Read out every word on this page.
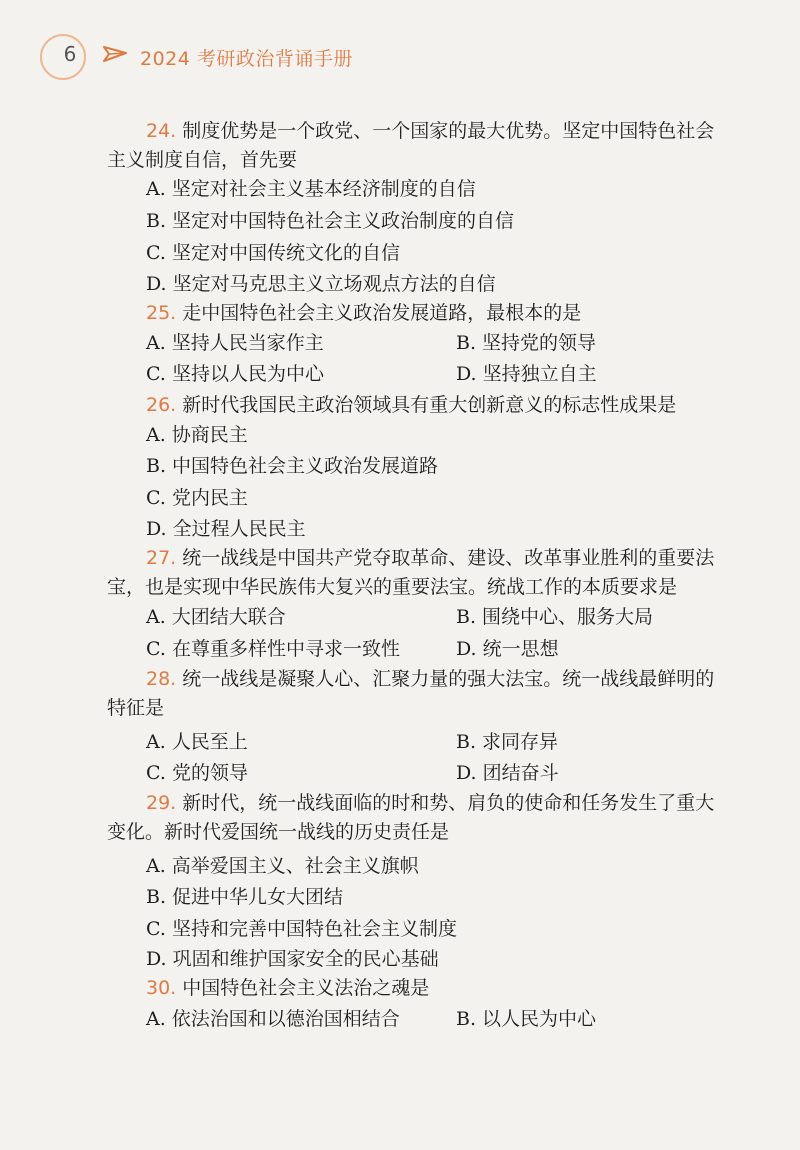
6	2024 考研政治背诵手册
24. 制度优势是一个政党、一个国家的最大优势。坚定中国特色社会
主义制度自信，首先要
A. 坚定对社会主义基本经济制度的自信
B. 坚定对中国特色社会主义政治制度的自信
C. 坚定对中国传统文化的自信
D. 坚定对马克思主义立场观点方法的自信
25. 走中国特色社会主义政治发展道路，最根本的是
A. 坚持人民当家作主	B. 坚持党的领导
C. 坚持以人民为中心	D. 坚持独立自主
26. 新时代我国民主政治领域具有重大创新意义的标志性成果是
A. 协商民主
B. 中国特色社会主义政治发展道路
C. 党内民主
D. 全过程人民民主
27. 统一战线是中国共产党夺取革命、建设、改革事业胜利的重要法
宝，也是实现中华民族伟大复兴的重要法宝。统战工作的本质要求是
A. 大团结大联合	B. 围绕中心、服务大局
C. 在尊重多样性中寻求一致性	D. 统一思想
28. 统一战线是凝聚人心、汇聚力量的强大法宝。统一战线最鲜明的
特征是
A. 人民至上	B. 求同存异
C. 党的领导	D. 团结奋斗
29. 新时代，统一战线面临的时和势、肩负的使命和任务发生了重大
变化。新时代爱国统一战线的历史责任是
A. 高举爱国主义、社会主义旗帜
B. 促进中华儿女大团结
C. 坚持和完善中国特色社会主义制度
D. 巩固和维护国家安全的民心基础
30. 中国特色社会主义法治之魂是
A. 依法治国和以德治国相结合	B. 以人民为中心
